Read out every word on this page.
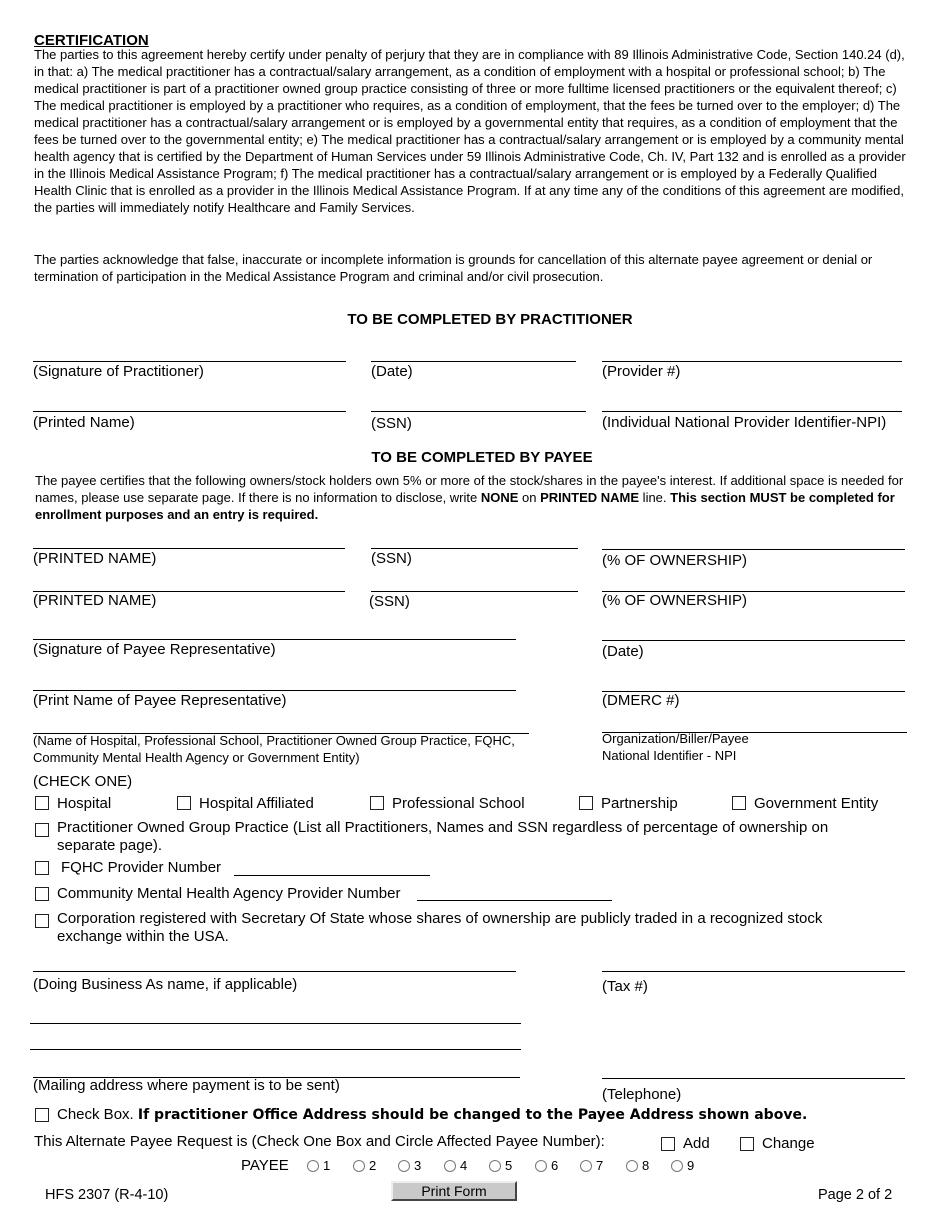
CERTIFICATION
The parties to this agreement hereby certify under penalty of perjury that they are in compliance with 89 Illinois Administrative Code, Section 140.24 (d), in that: a) The medical practitioner has a contractual/salary arrangement, as a condition of employment with a hospital or professional school; b) The medical practitioner is part of a practitioner owned group practice consisting of three or more fulltime licensed practitioners or the equivalent thereof; c) The medical practitioner is employed by a practitioner who requires, as a condition of employment, that the fees be turned over to the employer; d) The medical practitioner has a contractual/salary arrangement or is employed by a governmental entity that requires, as a condition of employment that the fees be turned over to the governmental entity; e) The medical practitioner has a contractual/salary arrangement or is employed by a community mental health agency that is certified by the Department of Human Services under 59 Illinois Administrative Code, Ch. IV, Part 132 and is enrolled as a provider in the Illinois Medical Assistance Program; f) The medical practitioner has a contractual/salary arrangement or is employed by a Federally Qualified Health Clinic that is enrolled as a provider in the Illinois Medical Assistance Program. If at any time any of the conditions of this agreement are modified, the parties will immediately notify Healthcare and Family Services.
The parties acknowledge that false, inaccurate or incomplete information is grounds for cancellation of this alternate payee agreement or denial or termination of participation in the Medical Assistance Program and criminal and/or civil prosecution.
TO BE COMPLETED BY PRACTITIONER
(Signature of Practitioner)	(Date)	(Provider #)
(Printed Name)	(SSN)	(Individual National Provider Identifier-NPI)
TO BE COMPLETED BY PAYEE
The payee certifies that the following owners/stock holders own 5% or more of the stock/shares in the payee's interest. If additional space is needed for names, please use separate page. If there is no information to disclose, write NONE on PRINTED NAME line. This section MUST be completed for enrollment purposes and an entry is required.
(PRINTED NAME)	(SSN)	(% OF OWNERSHIP)
(PRINTED NAME)	(SSN)	(% OF OWNERSHIP)
(Signature of Payee Representative)	(Date)
(Print Name of Payee Representative)	(DMERC #)
(Name of Hospital, Professional School, Practitioner Owned Group Practice, FQHC, Community Mental Health Agency or Government Entity)
Organization/Biller/Payee National Identifier - NPI
(CHECK ONE)
Hospital	Hospital Affiliated	Professional School	Partnership	Government Entity
Practitioner Owned Group Practice (List all Practitioners, Names and SSN regardless of percentage of ownership on separate page).
FQHC Provider Number
Community Mental Health Agency Provider Number
Corporation registered with Secretary Of State whose shares of ownership are publicly traded in a recognized stock exchange within the USA.
(Doing Business As name, if applicable)	(Tax #)
(Mailing address where payment is to be sent)
(Telephone)
Check Box. If practitioner Office Address should be changed to the Payee Address shown above.
This Alternate Payee Request is (Check One Box and Circle Affected Payee Number):	Add	Change
PAYEE	1	2	3	4	5	6	7	8	9
HFS 2307 (R-4-10)	Print Form	Page 2 of 2
